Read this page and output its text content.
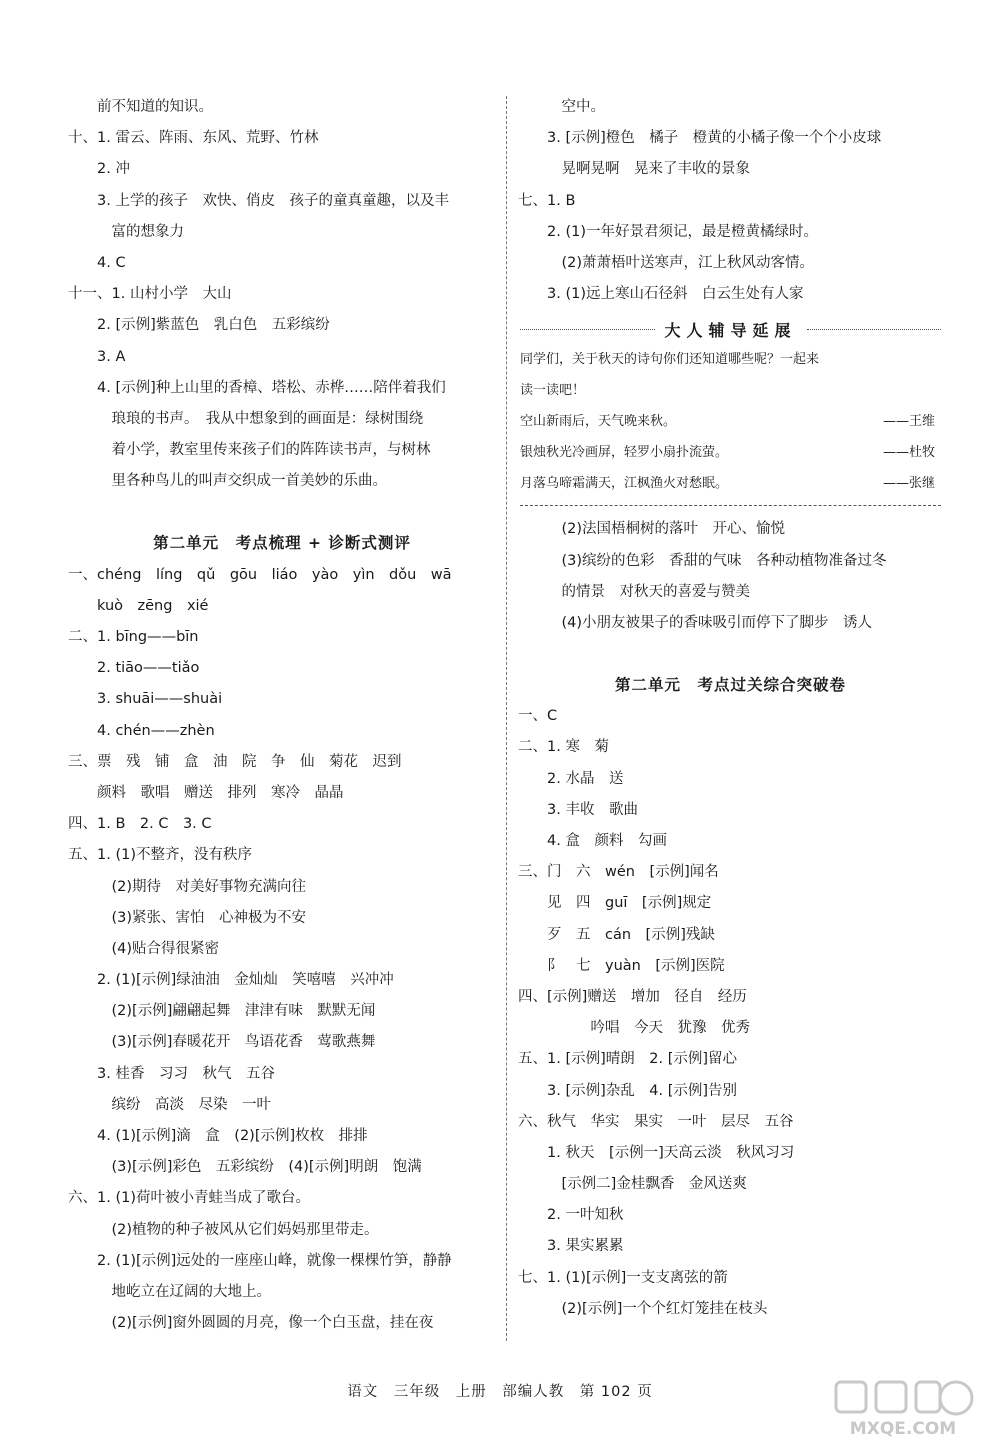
　　前不知道的知识。
十、1. 雷云、阵雨、东风、荒野、竹林
　　2. 冲
　　3. 上学的孩子　欢快、俏皮　孩子的童真童趣，以及丰
　　　富的想象力
　　4. C
十一、1. 山村小学　大山
　　2. [示例]紫蓝色　乳白色　五彩缤纷
　　3. A
　　4. [示例]种上山里的香樟、塔松、赤桦……陪伴着我们
　　　琅琅的书声。　我从中想象到的画面是：绿树围绕
　　　着小学，教室里传来孩子们的阵阵读书声，与树林
　　　里各种鸟儿的叫声交织成一首美妙的乐曲。
第二单元　考点梳理 + 诊断式测评
一、chéng　líng　qǔ　gōu　liáo　yào　yìn　dǒu　wā
　　kuò　zēng　xié
二、1. bīng——bīn
　　2. tiāo——tiǎo
　　3. shuāi——shuài
　　4. chén——zhèn
三、票　残　铺　盒　油　院　争　仙　菊花　迟到
　　颜料　歌唱　赠送　排列　寒冷　晶晶
四、1. B　2. C　3. C
五、1. (1)不整齐，没有秩序
　　　(2)期待　对美好事物充满向往
　　　(3)紧张、害怕　心神极为不安
　　　(4)贴合得很紧密
　　2. (1)[示例]绿油油　金灿灿　笑嘻嘻　兴冲冲
　　　(2)[示例]翩翩起舞　津津有味　默默无闻
　　　(3)[示例]春暖花开　鸟语花香　莺歌燕舞
　　3. 桂香　习习　秋气　五谷
　　　缤纷　高淡　尽染　一叶
　　4. (1)[示例]滴　盒　(2)[示例]枚枚　排排
　　　(3)[示例]彩色　五彩缤纷　(4)[示例]明朗　饱满
六、1. (1)荷叶被小青蛙当成了歌台。
　　　(2)植物的种子被风从它们妈妈那里带走。
　　2. (1)[示例]远处的一座座山峰，就像一棵棵竹笋，静静
　　　地屹立在辽阔的大地上。
　　　(2)[示例]窗外圆圆的月亮，像一个白玉盘，挂在夜
　　　空中。
　　3. [示例]橙色　橘子　橙黄的小橘子像一个个小皮球
　　　晃啊晃啊　晃来了丰收的景象
七、1. B
　　2. (1)一年好景君须记，最是橙黄橘绿时。
　　　(2)萧萧梧叶送寒声，江上秋风动客情。
　　3. (1)远上寒山石径斜　白云生处有人家
大人辅导延展
同学们，关于秋天的诗句你们还知道哪些呢？一起来
读一读吧！
空山新雨后，天气晚来秋。	——王维
银烛秋光冷画屏，轻罗小扇扑流萤。	——杜牧
月落乌啼霜满天，江枫渔火对愁眠。	——张继
　　　(2)法国梧桐树的落叶　开心、愉悦
　　　(3)缤纷的色彩　香甜的气味　各种动植物准备过冬
　　　的情景　对秋天的喜爱与赞美
　　　(4)小朋友被果子的香味吸引而停下了脚步　诱人
第二单元　考点过关综合突破卷
一、C
二、1. 寒　菊
　　2. 水晶　送
　　3. 丰收　歌曲
　　4. 盒　颜料　勾画
三、门　六　wén　[示例]闻名
　　见　四　guī　[示例]规定
　　歹　五　cán　[示例]残缺
　　阝　七　yuàn　[示例]医院
四、[示例]赠送　增加　径自　经历
　　　　　吟唱　今天　犹豫　优秀
五、1. [示例]晴朗　2. [示例]留心
　　3. [示例]杂乱　4. [示例]告别
六、秋气　华实　果实　一叶　层尽　五谷
　　1. 秋天　[示例一]天高云淡　秋风习习
　　　[示例二]金桂飘香　金风送爽
　　2. 一叶知秋
　　3. 果实累累
七、1. (1)[示例]一支支离弦的箭
　　　(2)[示例]一个个红灯笼挂在枝头
语文　三年级　上册　部编人教　第 102 页
MXQE.COM
